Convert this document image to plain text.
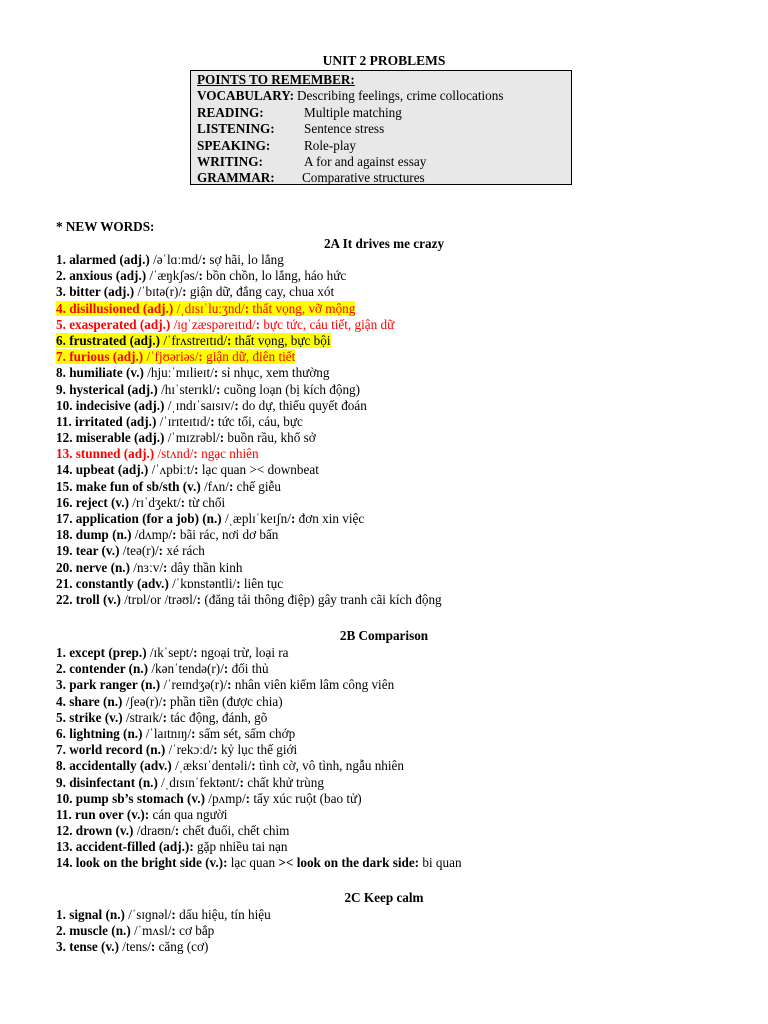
UNIT 2 PROBLEMS
POINTS TO REMEMBER:
VOCABULARY: Describing feelings, crime collocations
READING:	Multiple matching
LISTENING: Sentence stress
SPEAKING:	Role-play
WRITING:	A for and against essay
GRAMMAR: Comparative structures
* NEW WORDS:
2A It drives me crazy
1. alarmed (adj.) /əˈlɑːmd/: sợ hãi, lo lắng
2. anxious (adj.) /ˈæŋkʃəs/: bồn chồn, lo lắng, háo hức
3. bitter (adj.) /ˈbɪtə(r)/: giận dữ, đắng cay, chua xót
4. disillusioned (adj.) /ˌdɪsɪˈluːʒnd/: thất vọng, vỡ mộng
5. exasperated (adj.) /ɪɡˈzæspəreɪtɪd/: bực tức, cáu tiết, giận dữ
6. frustrated (adj.) /ˈfrʌstreɪtɪd/: thất vọng, bực bội
7. furious (adj.) /ˈfjʊəriəs/: giận dữ, điên tiết
8. humiliate (v.) /hjuːˈmɪlieɪt/: sỉ nhục, xem thường
9. hysterical (adj.) /hɪˈsterɪkl/: cuồng loạn (bị kích động)
10. indecisive (adj.) /ˌɪndɪˈsaɪsɪv/: do dự, thiếu quyết đoán
11. irritated (adj.) /ˈɪrɪteɪtɪd/: tức tối, cáu, bực
12. miserable (adj.) /ˈmɪzrəbl/: buồn rầu, khổ sở
13. stunned (adj.) /stʌnd/: ngạc nhiên
14. upbeat (adj.) /ˈʌpbiːt/: lạc quan >< downbeat
15. make fun of sb/sth (v.) /fʌn/: chế giễu
16. reject (v.) /rɪˈdʒekt/: từ chối
17. application (for a job) (n.) /ˌæplɪˈkeɪʃn/: đơn xin việc
18. dump (n.) /dʌmp/: bãi rác, nơi dơ bẩn
19. tear (v.) /teə(r)/: xé rách
20. nerve (n.) /nɜːv/: dây thần kinh
21. constantly (adv.) /ˈkɒnstəntli/: liên tục
22. troll (v.) /trɒl/or /trəʊl/: (đăng tải thông điệp) gây tranh cãi kích động
2B Comparison
1. except (prep.) /ɪkˈsept/: ngoại trừ, loại ra
2. contender (n.) /kənˈtendə(r)/: đối thủ
3. park ranger (n.) /ˈreɪndʒə(r)/: nhân viên kiểm lâm công viên
4. share (n.) /ʃeə(r)/: phần tiền (được chia)
5. strike (v.) /straɪk/: tác động, đánh, gõ
6. lightning (n.) /ˈlaɪtnɪŋ/: sấm sét, sấm chớp
7. world record (n.) /ˈrekɔːd/: kỷ lục thế giới
8. accidentally (adv.) /ˌæksɪˈdentəli/: tình cờ, vô tình, ngẫu nhiên
9. disinfectant (n.) /ˌdɪsɪnˈfektənt/: chất khử trùng
10. pump sb’s stomach (v.) /pʌmp/: tẩy xúc ruột (bao tử)
11. run over (v.): cán qua người
12. drown (v.) /draʊn/: chết đuối, chết chìm
13. accident-filled (adj.): gặp nhiều tai nạn
14. look on the bright side (v.): lạc quan >< look on the dark side: bi quan
2C Keep calm
1. signal (n.) /ˈsɪɡnəl/: dấu hiệu, tín hiệu
2. muscle (n.) /ˈmʌsl/: cơ bắp
3. tense (v.) /tens/: căng (cơ)
